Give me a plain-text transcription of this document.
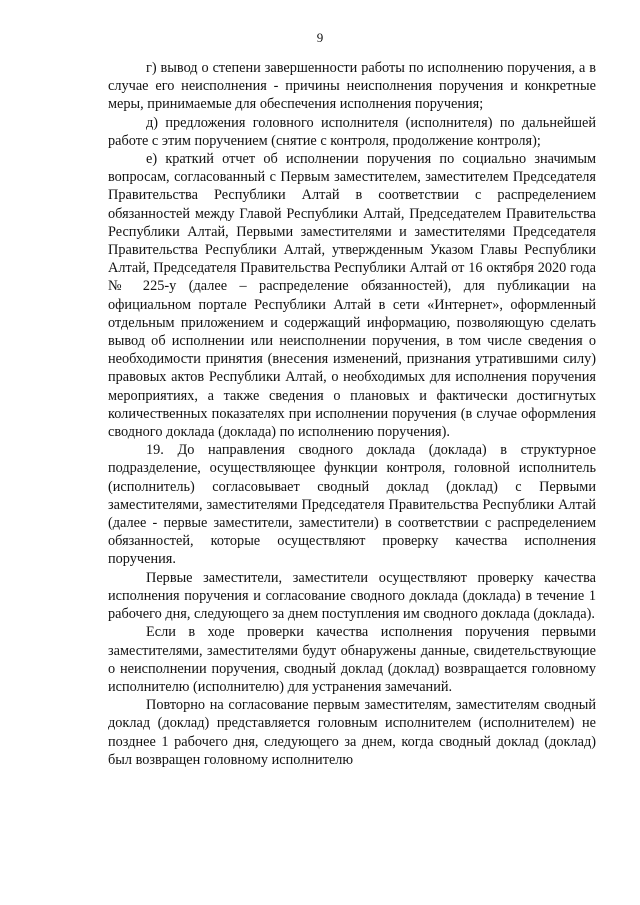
9

г) вывод о степени завершенности работы по исполнению поручения, а в случае его неисполнения - причины неисполнения поручения и конкретные меры, принимаемые для обеспечения исполнения поручения;

д) предложения головного исполнителя (исполнителя) по дальнейшей работе с этим поручением (снятие с контроля, продолжение контроля);

е) краткий отчет об исполнении поручения по социально значимым вопросам, согласованный с Первым заместителем, заместителем Председателя Правительства Республики Алтай в соответствии с распределением обязанностей между Главой Республики Алтай, Председателем Правительства Республики Алтай, Первыми заместителями и заместителями Председателя Правительства Республики Алтай, утвержденным Указом Главы Республики Алтай, Председателя Правительства Республики Алтай от 16 октября 2020 года № 225-у (далее – распределение обязанностей), для публикации на официальном портале Республики Алтай в сети «Интернет», оформленный отдельным приложением и содержащий информацию, позволяющую сделать вывод об исполнении или неисполнении поручения, в том числе сведения о необходимости принятия (внесения изменений, признания утратившими силу) правовых актов Республики Алтай, о необходимых для исполнения поручения мероприятиях, а также сведения о плановых и фактически достигнутых количественных показателях при исполнении поручения (в случае оформления сводного доклада (доклада) по исполнению поручения).

19. До направления сводного доклада (доклада) в структурное подразделение, осуществляющее функции контроля, головной исполнитель (исполнитель) согласовывает сводный доклад (доклад) с Первыми заместителями, заместителями Председателя Правительства Республики Алтай (далее - первые заместители, заместители) в соответствии с распределением обязанностей, которые осуществляют проверку качества исполнения поручения.

Первые заместители, заместители осуществляют проверку качества исполнения поручения и согласование сводного доклада (доклада) в течение 1 рабочего дня, следующего за днем поступления им сводного доклада (доклада).

Если в ходе проверки качества исполнения поручения первыми заместителями, заместителями будут обнаружены данные, свидетельствующие о неисполнении поручения, сводный доклад (доклад) возвращается головному исполнителю (исполнителю) для устранения замечаний.

Повторно на согласование первым заместителям, заместителям сводный доклад (доклад) представляется головным исполнителем (исполнителем) не позднее 1 рабочего дня, следующего за днем, когда сводный доклад (доклад) был возвращен головному исполнителю
